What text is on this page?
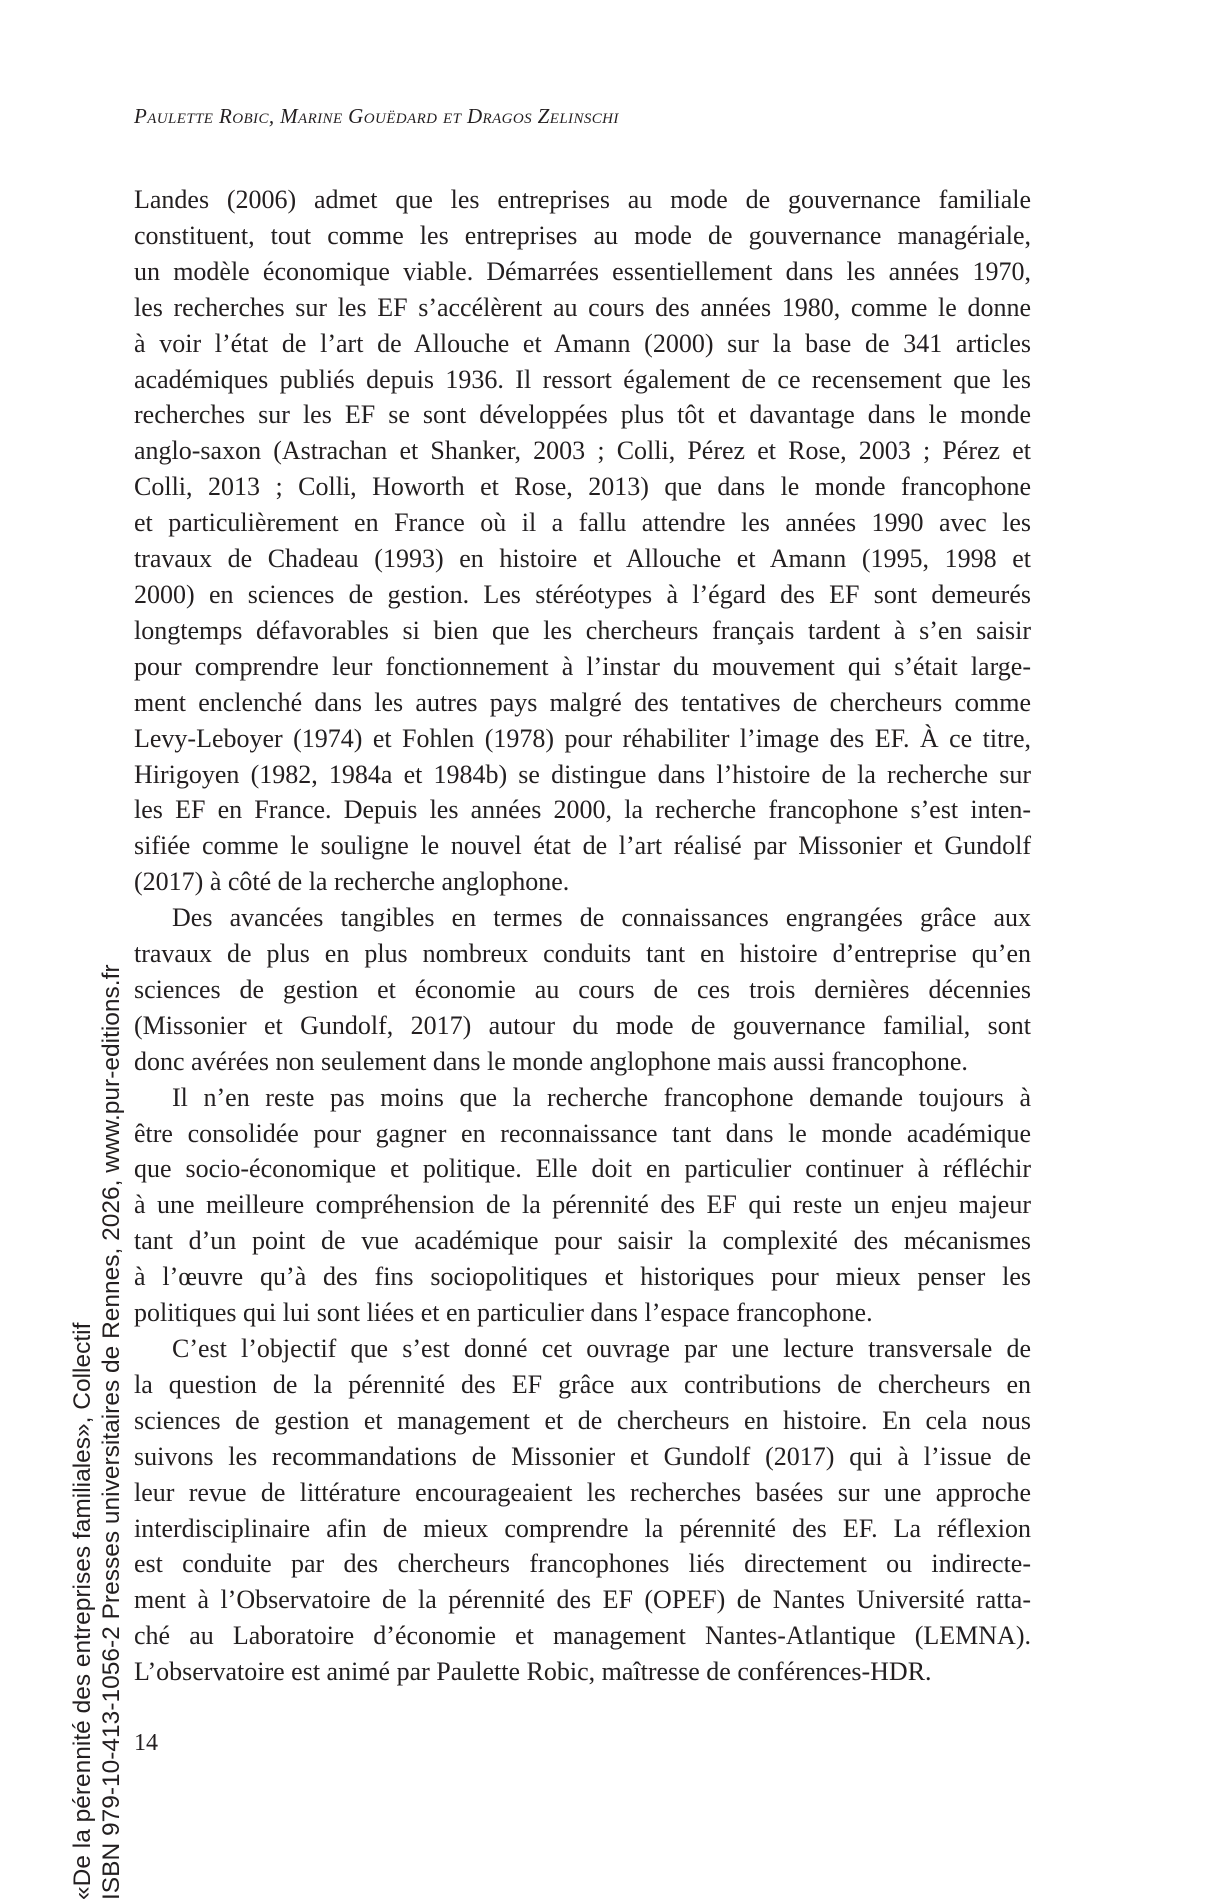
Paulette Robic, Marine Gouëdard et Dragos Zelinschi

Landes (2006) admet que les entreprises au mode de gouvernance familiale
constituent, tout comme les entreprises au mode de gouvernance managériale,
un modèle économique viable. Démarrées essentiellement dans les années 1970,
les recherches sur les EF s’accélèrent au cours des années 1980, comme le donne
à voir l’état de l’art de Allouche et Amann (2000) sur la base de 341 articles
académiques publiés depuis 1936. Il ressort également de ce recensement que les
recherches sur les EF se sont développées plus tôt et davantage dans le monde
anglo-saxon (Astrachan et Shanker, 2003 ; Colli, Pérez et Rose, 2003 ; Pérez et
Colli, 2013 ; Colli, Howorth et Rose, 2013) que dans le monde francophone
et particulièrement en France où il a fallu attendre les années 1990 avec les
travaux de Chadeau (1993) en histoire et Allouche et Amann (1995, 1998 et
2000) en sciences de gestion. Les stéréotypes à l’égard des EF sont demeurés
longtemps défavorables si bien que les chercheurs français tardent à s’en saisir
pour comprendre leur fonctionnement à l’instar du mouvement qui s’était large-
ment enclenché dans les autres pays malgré des tentatives de chercheurs comme
Levy-Leboyer (1974) et Fohlen (1978) pour réhabiliter l’image des EF. À ce titre,
Hirigoyen (1982, 1984a et 1984b) se distingue dans l’histoire de la recherche sur
les EF en France. Depuis les années 2000, la recherche francophone s’est inten-
sifiée comme le souligne le nouvel état de l’art réalisé par Missonier et Gundolf
(2017) à côté de la recherche anglophone.

Des avancées tangibles en termes de connaissances engrangées grâce aux
travaux de plus en plus nombreux conduits tant en histoire d’entreprise qu’en
sciences de gestion et économie au cours de ces trois dernières décennies
(Missonier et Gundolf, 2017) autour du mode de gouvernance familial, sont
donc avérées non seulement dans le monde anglophone mais aussi francophone.

Il n’en reste pas moins que la recherche francophone demande toujours à
être consolidée pour gagner en reconnaissance tant dans le monde académique
que socio-économique et politique. Elle doit en particulier continuer à réfléchir
à une meilleure compréhension de la pérennité des EF qui reste un enjeu majeur
tant d’un point de vue académique pour saisir la complexité des mécanismes
à l’œuvre qu’à des fins sociopolitiques et historiques pour mieux penser les
politiques qui lui sont liées et en particulier dans l’espace francophone.

C’est l’objectif que s’est donné cet ouvrage par une lecture transversale de
la question de la pérennité des EF grâce aux contributions de chercheurs en
sciences de gestion et management et de chercheurs en histoire. En cela nous
suivons les recommandations de Missonier et Gundolf (2017) qui à l’issue de
leur revue de littérature encourageaient les recherches basées sur une approche
interdisciplinaire afin de mieux comprendre la pérennité des EF. La réflexion
est conduite par des chercheurs francophones liés directement ou indirecte-
ment à l’Observatoire de la pérennité des EF (OPEF) de Nantes Université ratta-
ché au Laboratoire d’économie et management Nantes-Atlantique (LEMNA).
L’observatoire est animé par Paulette Robic, maîtresse de conférences-HDR.

14
«De la pérennité des entreprises familiales», Collectif ISBN 979-10-413-1056-2 Presses universitaires de Rennes, 2026, www.pur-editions.fr
